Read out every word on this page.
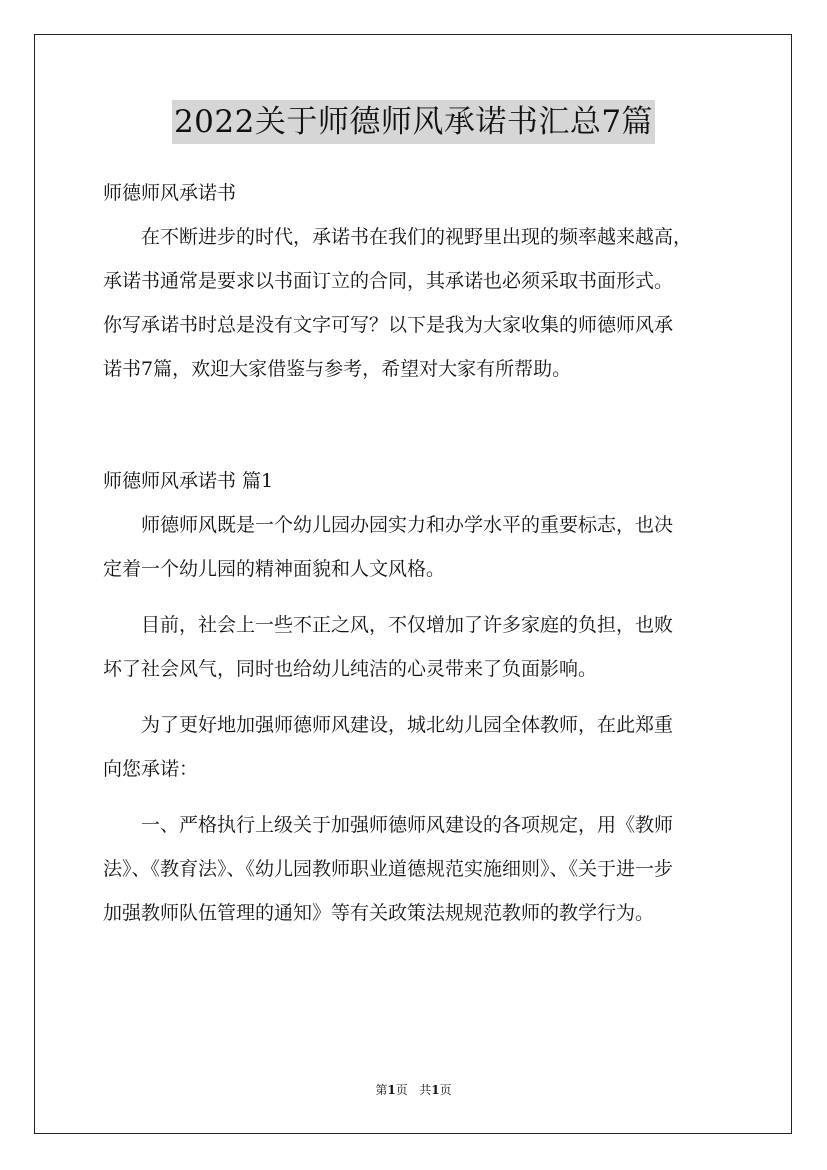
2022关于师德师风承诺书汇总7篇

师德师风承诺书

在不断进步的时代，承诺书在我们的视野里出现的频率越来越高，
承诺书通常是要求以书面订立的合同，其承诺也必须采取书面形式。
你写承诺书时总是没有文字可写？以下是我为大家收集的师德师风承
诺书7篇，欢迎大家借鉴与参考，希望对大家有所帮助。

师德师风承诺书 篇1

师德师风既是一个幼儿园办园实力和办学水平的重要标志，也决
定着一个幼儿园的精神面貌和人文风格。

目前，社会上一些不正之风，不仅增加了许多家庭的负担，也败
坏了社会风气，同时也给幼儿纯洁的心灵带来了负面影响。

为了更好地加强师德师风建设，城北幼儿园全体教师，在此郑重
向您承诺：

一、严格执行上级关于加强师德师风建设的各项规定，用《教师
法》、《教育法》、《幼儿园教师职业道德规范实施细则》、《关于进一步
加强教师队伍管理的通知》等有关政策法规规范教师的教学行为。

第1页 共1页
